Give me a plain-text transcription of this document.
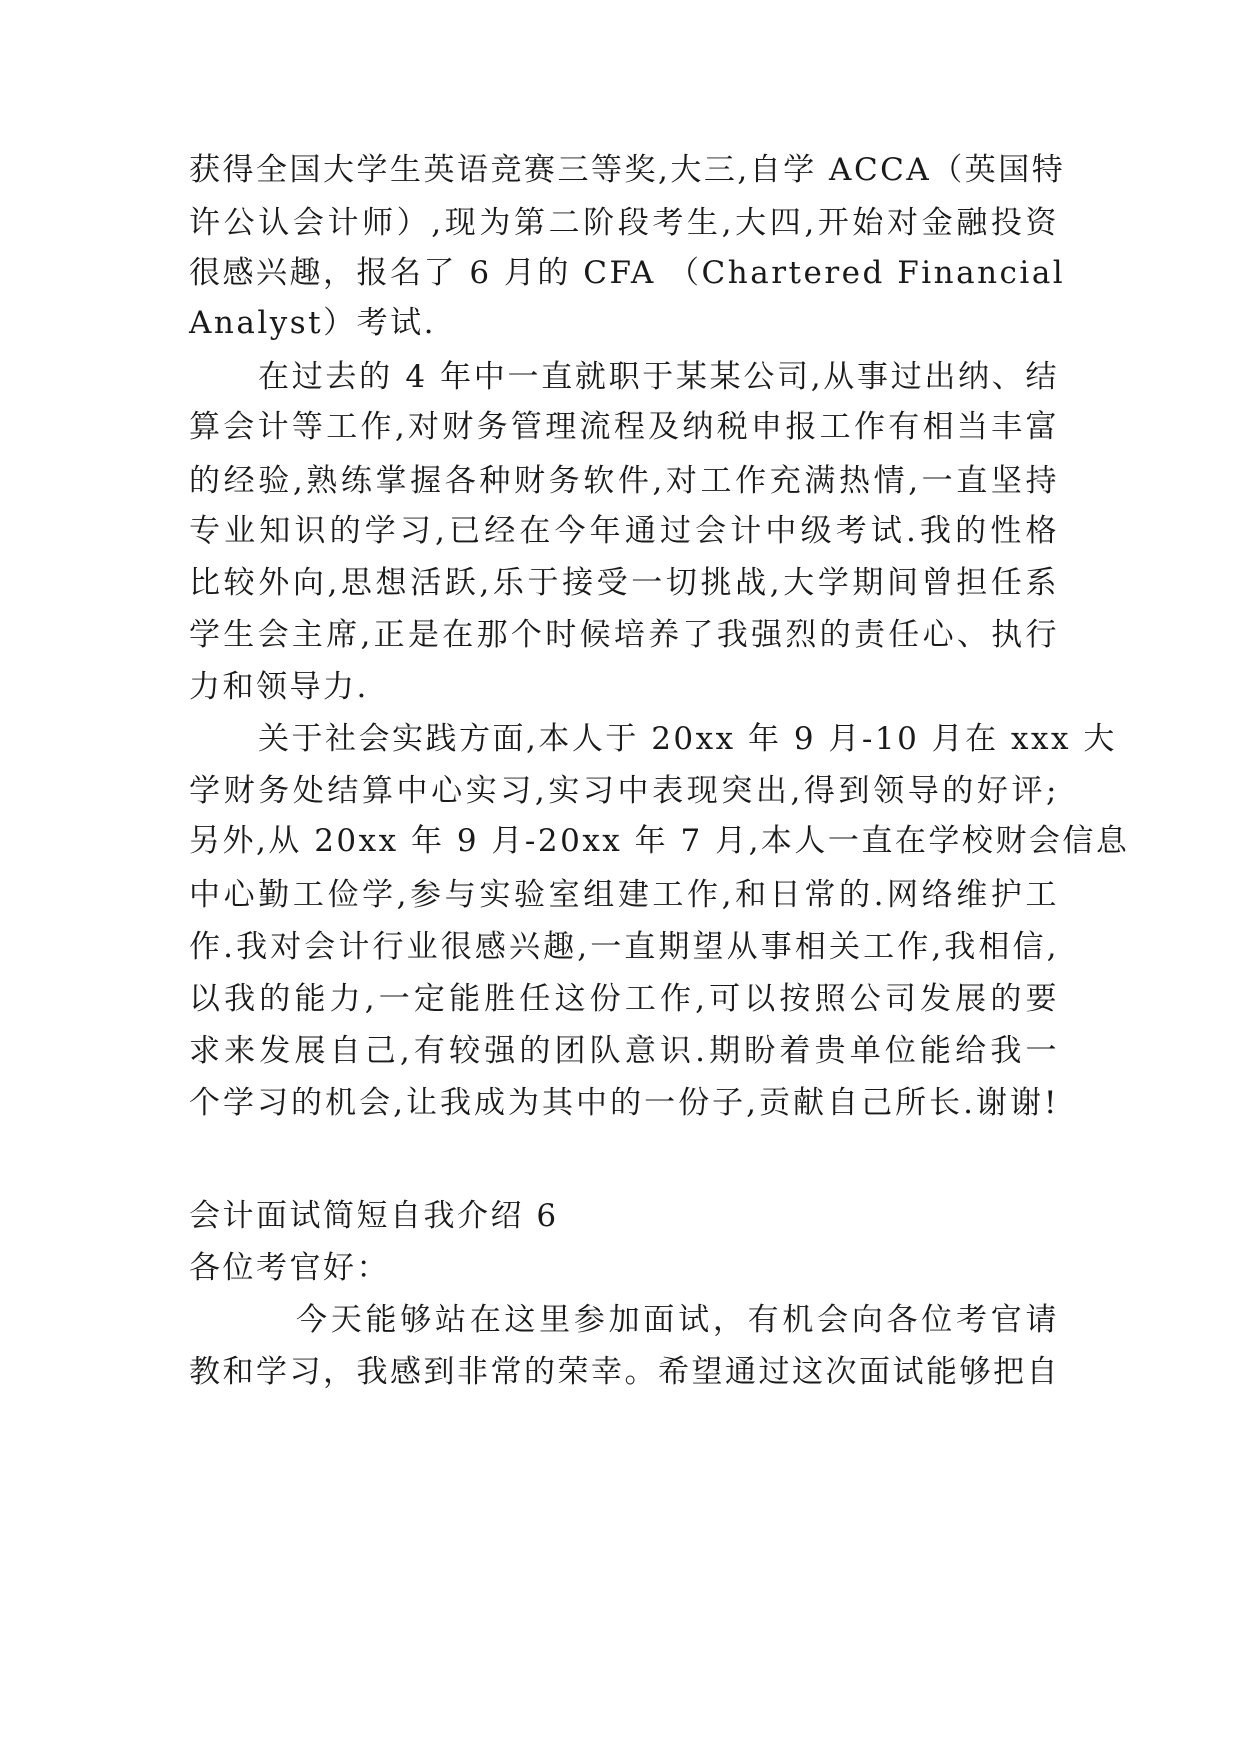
获得全国大学生英语竞赛三等奖,大三,自学 ACCA（英国特
许公认会计师）,现为第二阶段考生,大四,开始对金融投资
很感兴趣，报名了 6 月的 CFA （Chartered Financial
Analyst）考试.
在过去的 4 年中一直就职于某某公司,从事过出纳、结
算会计等工作,对财务管理流程及纳税申报工作有相当丰富
的经验,熟练掌握各种财务软件,对工作充满热情,一直坚持
专业知识的学习,已经在今年通过会计中级考试.我的性格
比较外向,思想活跃,乐于接受一切挑战,大学期间曾担任系
学生会主席,正是在那个时候培养了我强烈的责任心、执行
力和领导力.
关于社会实践方面,本人于 20xx 年 9 月-10 月在 xxx 大
学财务处结算中心实习,实习中表现突出,得到领导的好评;
另外,从 20xx 年 9 月-20xx 年 7 月,本人一直在学校财会信息
中心勤工俭学,参与实验室组建工作,和日常的.网络维护工
作.我对会计行业很感兴趣,一直期望从事相关工作,我相信,
以我的能力,一定能胜任这份工作,可以按照公司发展的要
求来发展自己,有较强的团队意识.期盼着贵单位能给我一
个学习的机会,让我成为其中的一份子,贡献自己所长.谢谢!
会计面试简短自我介绍 6
各位考官好：
今天能够站在这里参加面试，有机会向各位考官请
教和学习，我感到非常的荣幸。希望通过这次面试能够把自
